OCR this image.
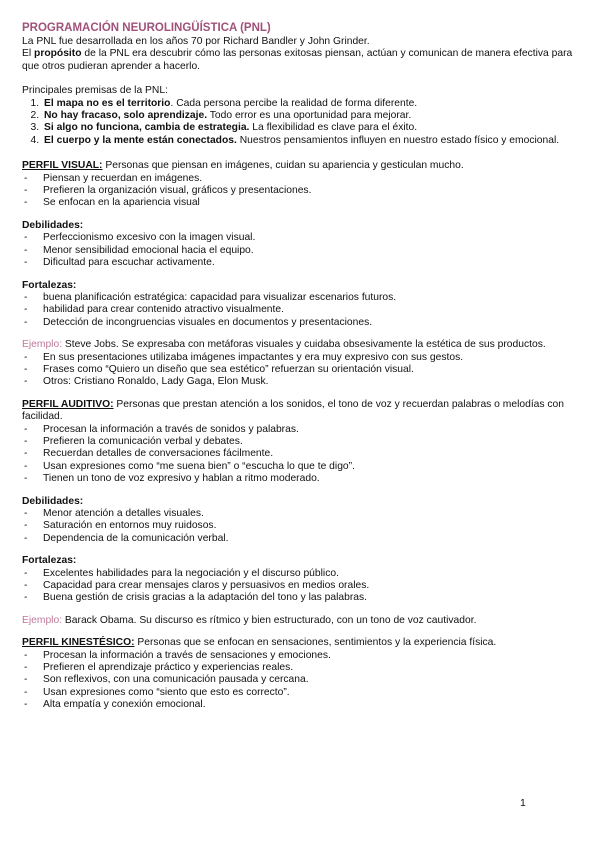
PROGRAMACIÓN NEUROLINGÜÍSTICA (PNL)

La PNL fue desarrollada en los años 70 por Richard Bandler y John Grinder.

El propósito de la PNL era descubrir cómo las personas exitosas piensan, actúan y comunican de manera efectiva para que otros pudieran aprender a hacerlo.

Principales premisas de la PNL:

1. El mapa no es el territorio. Cada persona percibe la realidad de forma diferente.
2. No hay fracaso, solo aprendizaje. Todo error es una oportunidad para mejorar.
3. Si algo no funciona, cambia de estrategia. La flexibilidad es clave para el éxito.
4. El cuerpo y la mente están conectados. Nuestros pensamientos influyen en nuestro estado físico y emocional.

PERFIL VISUAL: Personas que piensan en imágenes, cuidan su apariencia y gesticulan mucho.

- Piensan y recuerdan en imágenes.
- Prefieren la organización visual, gráficos y presentaciones.
- Se enfocan en la apariencia visual

Debilidades:

- Perfeccionismo excesivo con la imagen visual.
- Menor sensibilidad emocional hacia el equipo.
- Dificultad para escuchar activamente.

Fortalezas:

- buena planificación estratégica: capacidad para visualizar escenarios futuros.
- habilidad para crear contenido atractivo visualmente.
- Detección de incongruencias visuales en documentos y presentaciones.

Ejemplo: Steve Jobs. Se expresaba con metáforas visuales y cuidaba obsesivamente la estética de sus productos.

- En sus presentaciones utilizaba imágenes impactantes y era muy expresivo con sus gestos.
- Frases como “Quiero un diseño que sea estético” refuerzan su orientación visual.
- Otros: Cristiano Ronaldo, Lady Gaga, Elon Musk.

PERFIL AUDITIVO: Personas que prestan atención a los sonidos, el tono de voz y recuerdan palabras o melodías con facilidad.

- Procesan la información a través de sonidos y palabras.
- Prefieren la comunicación verbal y debates.
- Recuerdan detalles de conversaciones fácilmente.
- Usan expresiones como “me suena bien” o “escucha lo que te digo”.
- Tienen un tono de voz expresivo y hablan a ritmo moderado.

Debilidades:

- Menor atención a detalles visuales.
- Saturación en entornos muy ruidosos.
- Dependencia de la comunicación verbal.

Fortalezas:

- Excelentes habilidades para la negociación y el discurso público.
- Capacidad para crear mensajes claros y persuasivos en medios orales.
- Buena gestión de crisis gracias a la adaptación del tono y las palabras.

Ejemplo: Barack Obama. Su discurso es rítmico y bien estructurado, con un tono de voz cautivador.

PERFIL KINESTÉSICO: Personas que se enfocan en sensaciones, sentimientos y la experiencia física.

- Procesan la información a través de sensaciones y emociones.
- Prefieren el aprendizaje práctico y experiencias reales.
- Son reflexivos, con una comunicación pausada y cercana.
- Usan expresiones como “siento que esto es correcto”.
- Alta empatía y conexión emocional.
1
